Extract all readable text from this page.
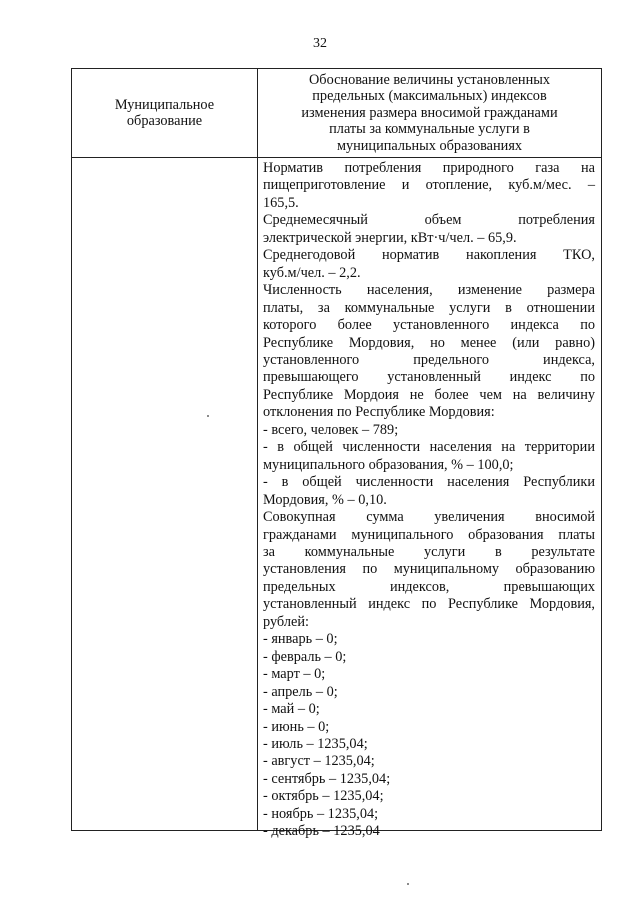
32
Муниципальное
образование
Обоснование величины установленных
предельных (максимальных) индексов
изменения размера вносимой гражданами
платы за коммунальные услуги в
муниципальных образованиях
Норматив потребления природного газа на
пищеприготовление и отопление, куб.м/мес. –
165,5.
Среднемесячный объем потребления
электрической энергии, кВт·ч/чел. – 65,9.
Среднегодовой норматив накопления ТКО,
куб.м/чел. – 2,2.
Численность населения, изменение размера
платы, за коммунальные услуги в отношении
которого более установленного индекса по
Республике Мордовия, но менее (или равно)
установленного предельного индекса,
превышающего установленный индекс по
Республике Мордоия не более чем на величину
отклонения по Республике Мордовия:
- всего, человек – 789;
- в общей численности населения на территории
муниципального образования, % – 100,0;
- в общей численности населения Республики
Мордовия, % – 0,10.
Совокупная сумма увеличения вносимой
гражданами муниципального образования платы
за коммунальные услуги в результате
установления по муниципальному образованию
предельных индексов, превышающих
установленный индекс по Республике Мордовия,
рублей:
- январь – 0;
- февраль – 0;
- март – 0;
- апрель – 0;
- май – 0;
- июнь – 0;
- июль – 1235,04;
- август – 1235,04;
- сентябрь – 1235,04;
- октябрь – 1235,04;
- ноябрь – 1235,04;
- декабрь – 1235,04
